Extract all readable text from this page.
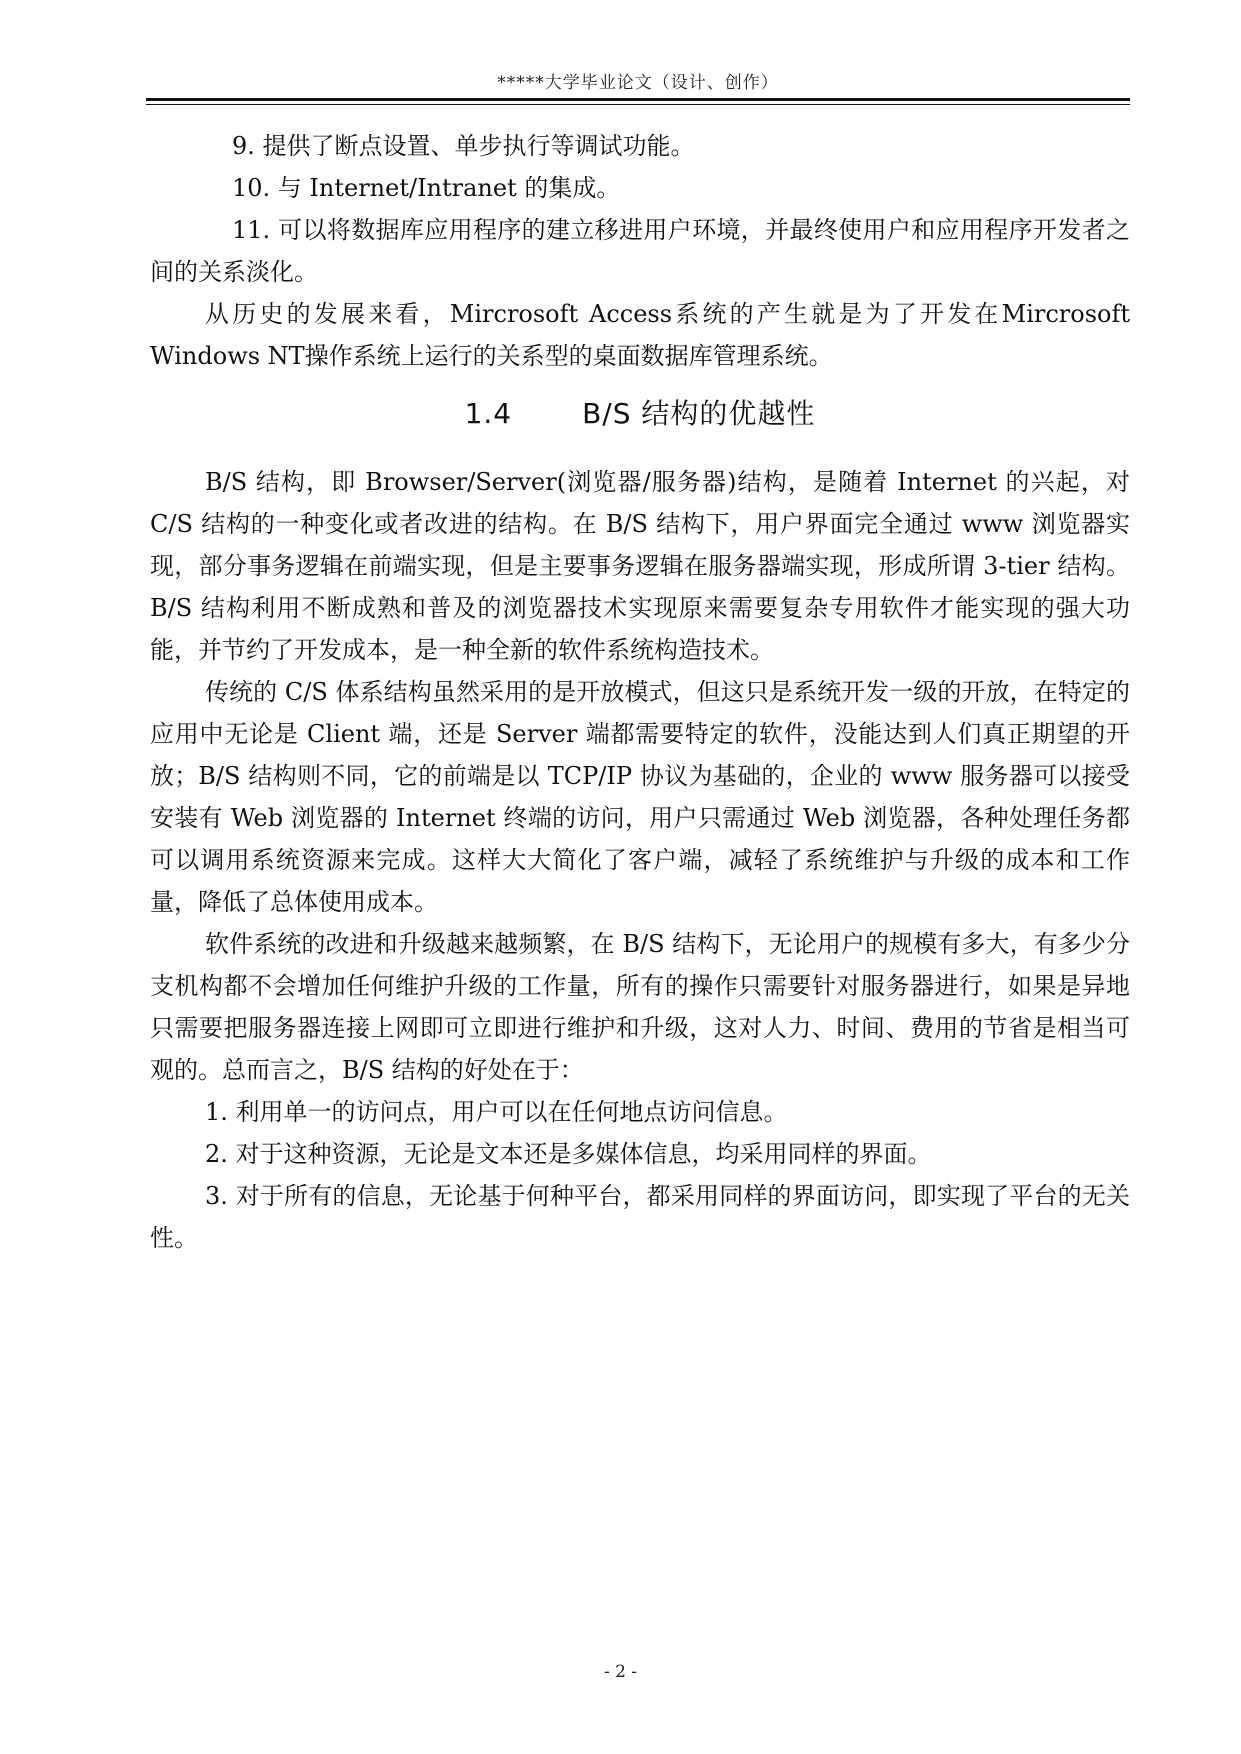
*****大学毕业论文（设计、创作）

9. 提供了断点设置、单步执行等调试功能。

10. 与 Internet/Intranet 的集成。

11. 可以将数据库应用程序的建立移进用户环境，并最终使用户和应用程序开发者之间的关系淡化。

从历史的发展来看，Mircrosoft Access系统的产生就是为了开发在Mircrosoft Windows NT操作系统上运行的关系型的桌面数据库管理系统。

1.4	B/S 结构的优越性

B/S 结构，即 Browser/Server(浏览器/服务器)结构，是随着 Internet 的兴起，对 C/S 结构的一种变化或者改进的结构。在 B/S 结构下，用户界面完全通过 www 浏览器实现，部分事务逻辑在前端实现，但是主要事务逻辑在服务器端实现，形成所谓 3-tier 结构。B/S 结构利用不断成熟和普及的浏览器技术实现原来需要复杂专用软件才能实现的强大功能，并节约了开发成本，是一种全新的软件系统构造技术。

传统的 C/S 体系结构虽然采用的是开放模式，但这只是系统开发一级的开放，在特定的应用中无论是 Client 端，还是 Server 端都需要特定的软件，没能达到人们真正期望的开放；B/S 结构则不同，它的前端是以 TCP/IP 协议为基础的，企业的 www 服务器可以接受安装有 Web 浏览器的 Internet 终端的访问，用户只需通过 Web 浏览器，各种处理任务都可以调用系统资源来完成。这样大大简化了客户端，减轻了系统维护与升级的成本和工作量，降低了总体使用成本。

软件系统的改进和升级越来越频繁，在 B/S 结构下，无论用户的规模有多大，有多少分支机构都不会增加任何维护升级的工作量，所有的操作只需要针对服务器进行，如果是异地只需要把服务器连接上网即可立即进行维护和升级，这对人力、时间、费用的节省是相当可观的。总而言之，B/S 结构的好处在于：

1. 利用单一的访问点，用户可以在任何地点访问信息。

2. 对于这种资源，无论是文本还是多媒体信息，均采用同样的界面。

3. 对于所有的信息，无论基于何种平台，都采用同样的界面访问，即实现了平台的无关性。

- 2 -
